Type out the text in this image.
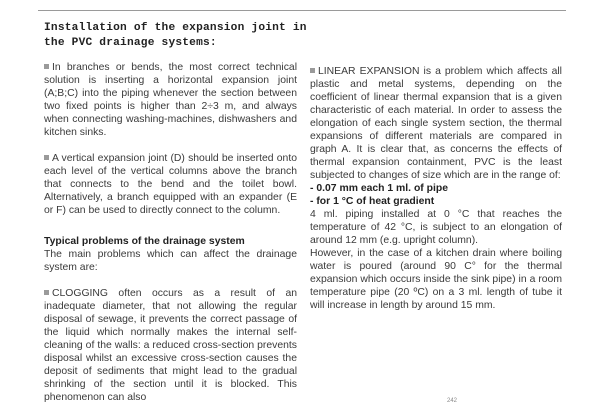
Installation of the expansion joint in the PVC drainage systems:

In branches or bends, the most correct technical solution is inserting a horizontal expansion joint (A;B;C) into the piping whenever the section between two fixed points is higher than 2÷3 m, and always when connecting washing-machines, dishwashers and kitchen sinks.

A vertical expansion joint (D) should be inserted onto each level of the vertical columns above the branch that connects to the bend and the toilet bowl. Alternatively, a branch equipped with an expander (E or F) can be used to directly connect to the column.

Typical problems of the drainage system

The main problems which can affect the drainage system are:

CLOGGING often occurs as a result of an inadequate diameter, that not allowing the regular disposal of sewage, it prevents the correct passage of the liquid which normally makes the internal self-cleaning of the walls: a reduced cross-section prevents disposal whilst an excessive cross-section causes the deposit of sediments that might lead to the gradual shrinking of the section until it is blocked. This phenomenon can also

LINEAR EXPANSION is a problem which affects all plastic and metal systems, depending on the coefficient of linear thermal expansion that is a given characteristic of each material. In order to assess the elongation of each single system section, the thermal expansions of different materials are compared in graph A. It is clear that, as concerns the effects of thermal expansion containment, PVC is the least subjected to changes of size which are in the range of:

- 0.07 mm each 1 ml. of pipe

- for 1 °C of heat gradient

4 ml. piping installed at 0 °C that reaches the temperature of 42 °C, is subject to an elongation of around 12 mm (e.g. upright column).

However, in the case of a kitchen drain where boiling water is poured (around 90 C° for the thermal expansion which occurs inside the sink pipe) in a room temperature pipe (20 ºC) on a 3 ml. length of tube it will increase in length by around 15 mm.

242
